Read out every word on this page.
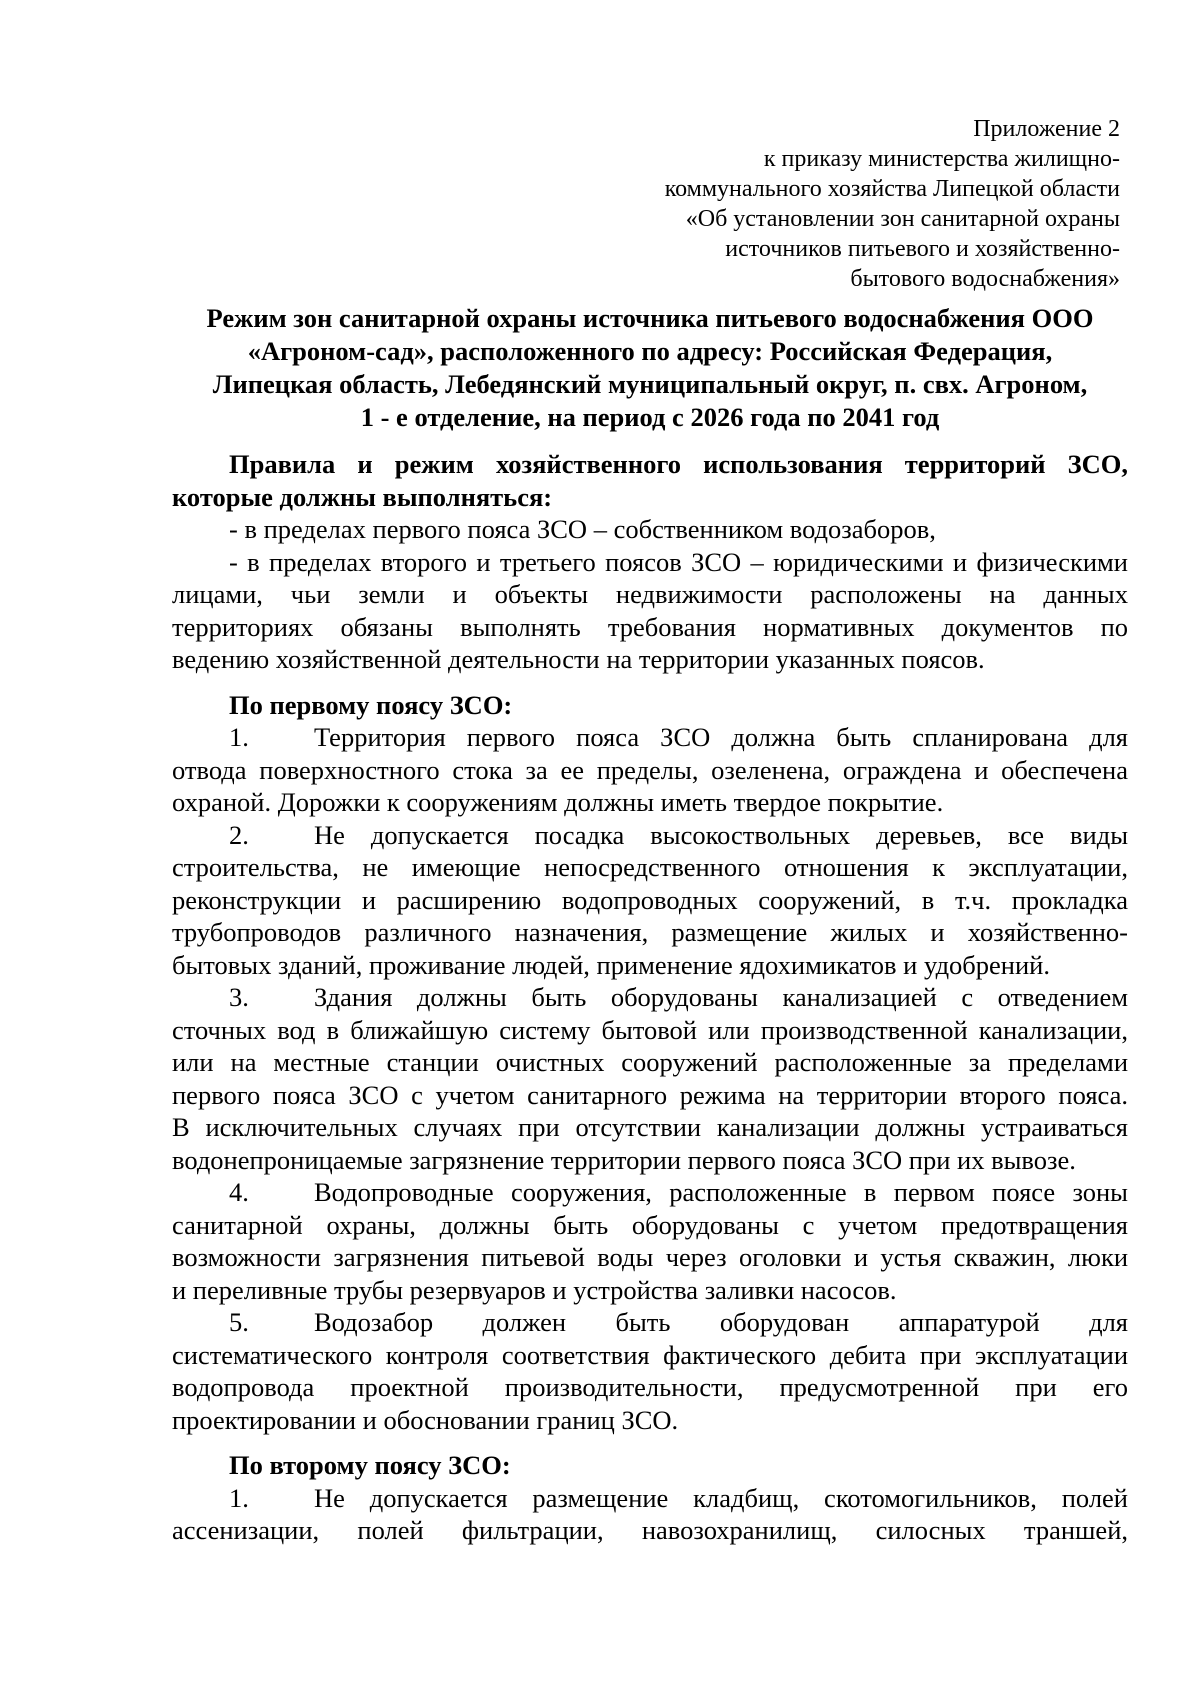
Приложение 2
к приказу министерства жилищно-
коммунального хозяйства Липецкой области
«Об установлении зон санитарной охраны
источников питьевого и хозяйственно-
бытового водоснабжения»
Режим зон санитарной охраны источника питьевого водоснабжения ООО
«Агроном-сад», расположенного по адресу: Российская Федерация,
Липецкая область, Лебедянский муниципальный округ, п. свх. Агроном,
1 - е отделение, на период с 2026 года по 2041 год
Правила и режим хозяйственного использования территорий ЗСО,
которые должны выполняться:
- в пределах первого пояса ЗСО – собственником водозаборов,
- в пределах второго и третьего поясов ЗСО – юридическими и физическими
лицами, чьи земли и объекты недвижимости расположены на данных
территориях обязаны выполнять требования нормативных документов по
ведению хозяйственной деятельности на территории указанных поясов.
По первому поясу ЗСО:
1. Территория первого пояса ЗСО должна быть спланирована для
отвода поверхностного стока за ее пределы, озеленена, ограждена и обеспечена
охраной. Дорожки к сооружениям должны иметь твердое покрытие.
2. Не допускается посадка высокоствольных деревьев, все виды
строительства, не имеющие непосредственного отношения к эксплуатации,
реконструкции и расширению водопроводных сооружений, в т.ч. прокладка
трубопроводов различного назначения, размещение жилых и хозяйственно-
бытовых зданий, проживание людей, применение ядохимикатов и удобрений.
3. Здания должны быть оборудованы канализацией с отведением
сточных вод в ближайшую систему бытовой или производственной канализации,
или на местные станции очистных сооружений расположенные за пределами
первого пояса ЗСО с учетом санитарного режима на территории второго пояса.
В исключительных случаях при отсутствии канализации должны устраиваться
водонепроницаемые загрязнение территории первого пояса ЗСО при их вывозе.
4. Водопроводные сооружения, расположенные в первом поясе зоны
санитарной охраны, должны быть оборудованы с учетом предотвращения
возможности загрязнения питьевой воды через оголовки и устья скважин, люки
и переливные трубы резервуаров и устройства заливки насосов.
5. Водозабор должен быть оборудован аппаратурой для
систематического контроля соответствия фактического дебита при эксплуатации
водопровода проектной производительности, предусмотренной при его
проектировании и обосновании границ ЗСО.
По второму поясу ЗСО:
1. Не допускается размещение кладбищ, скотомогильников, полей
ассенизации, полей фильтрации, навозохранилищ, силосных траншей,
